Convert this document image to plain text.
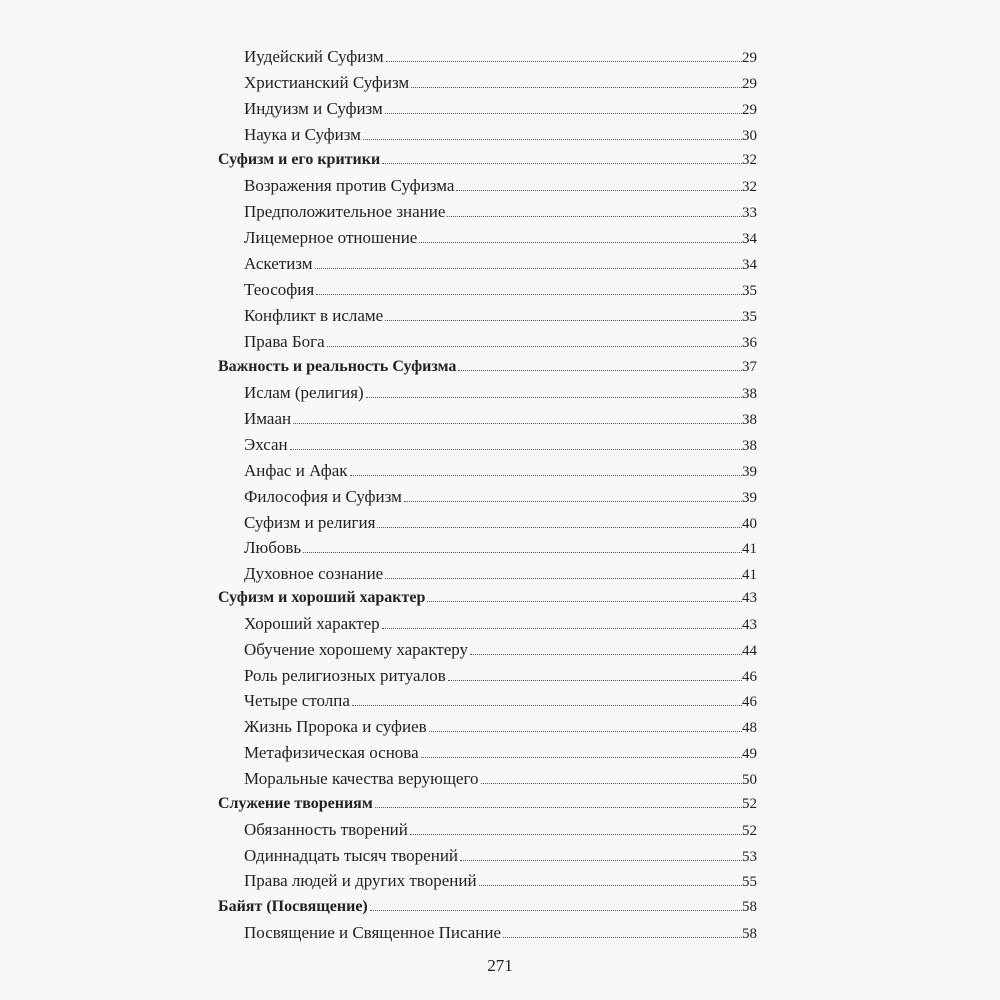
Иудейский Суфизм	29
Христианский Суфизм	29
Индуизм и Суфизм	29
Наука и Суфизм	30
Суфизм и его критики	32
Возражения против Суфизма	32
Предположительное знание	33
Лицемерное отношение	34
Аскетизм	34
Теософия	35
Конфликт в исламе	35
Права Бога	36
Важность и реальность Суфизма	37
Ислам (религия)	38
Имаан	38
Эхсан	38
Анфас и Афак	39
Философия и Суфизм	39
Суфизм и религия	40
Любовь	41
Духовное сознание	41
Суфизм и хороший характер	43
Хороший характер	43
Обучение хорошему характеру	44
Роль религиозных ритуалов	46
Четыре столпа	46
Жизнь Пророка и суфиев	48
Метафизическая основа	49
Моральные качества верующего	50
Служение творениям	52
Обязанность творений	52
Одиннадцать тысяч творений	53
Права людей и других творений	55
Байят (Посвящение)	58
Посвящение и Священное Писание	58
271
